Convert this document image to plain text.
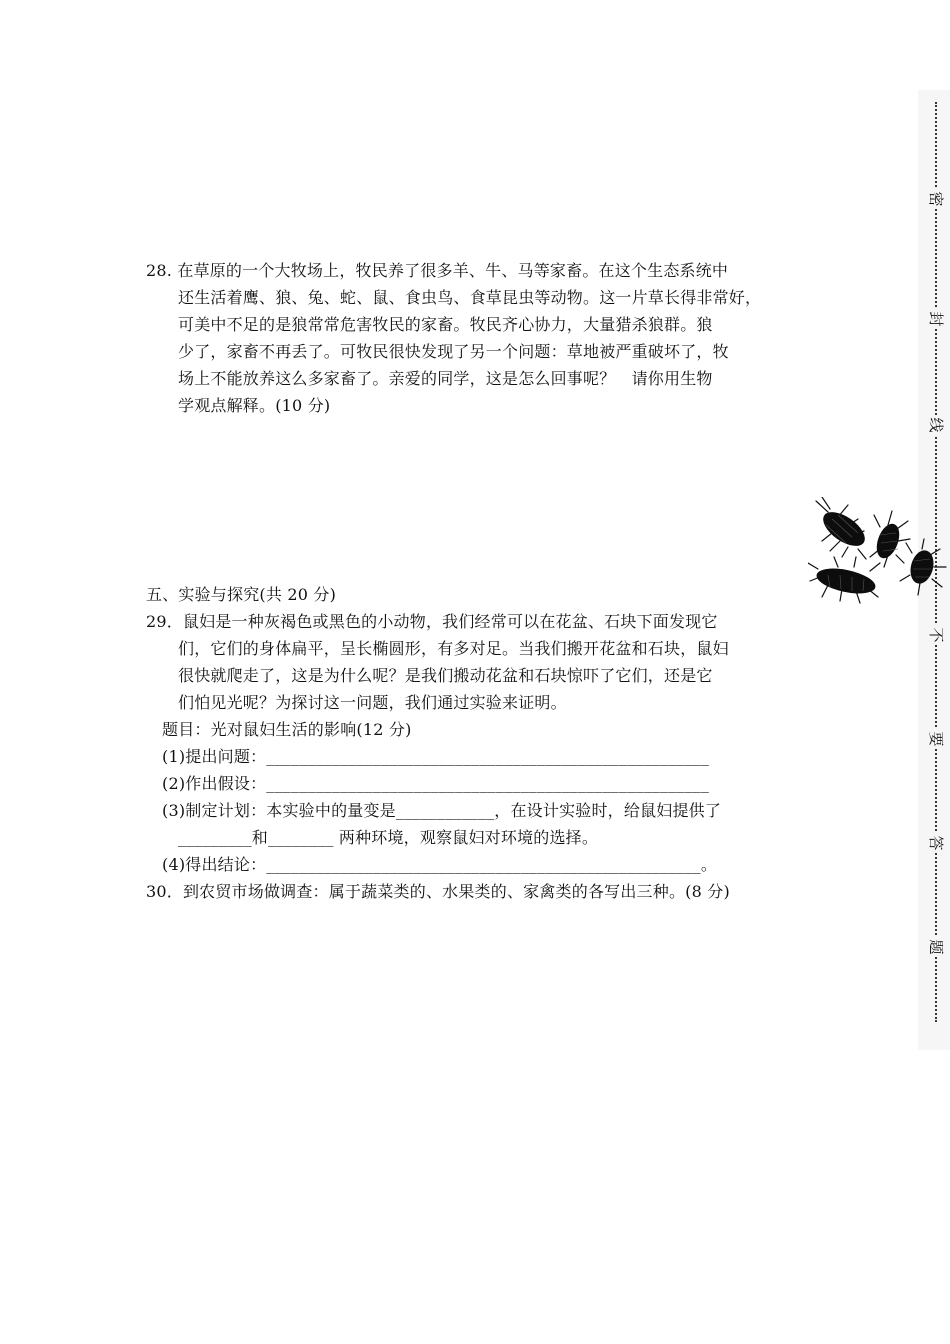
28. 在草原的一个大牧场上，牧民养了很多羊、牛、马等家畜。在这个生态系统中
还生活着鹰、狼、兔、蛇、鼠、食虫鸟、食草昆虫等动物。这一片草长得非常好，
可美中不足的是狼常常危害牧民的家畜。牧民齐心协力，大量猎杀狼群。狼
少了，家畜不再丢了。可牧民很快发现了另一个问题：草地被严重破坏了，牧
场上不能放养这么多家畜了。亲爱的同学，这是怎么回事呢？　请你用生物
学观点解释。(10 分)
五、实验与探究(共 20 分)
29．鼠妇是一种灰褐色或黑色的小动物，我们经常可以在花盆、石块下面发现它
们，它们的身体扁平，呈长椭圆形，有多对足。当我们搬开花盆和石块，鼠妇
很快就爬走了，这是为什么呢？是我们搬动花盆和石块惊吓了它们，还是它
们怕见光呢？为探讨这一问题，我们通过实验来证明。
题目：光对鼠妇生活的影响(12 分)
(1)提出问题：______________________________________________________
(2)作出假设：______________________________________________________
(3)制定计划：本实验中的量变是____________，在设计实验时，给鼠妇提供了
_________和________ 两种环境，观察鼠妇对环境的选择。
(4)得出结论：_____________________________________________________。
30．到农贸市场做调查：属于蔬菜类的、水果类的、家禽类的各写出三种。(8 分)
密
封
线
不
要
答
题
